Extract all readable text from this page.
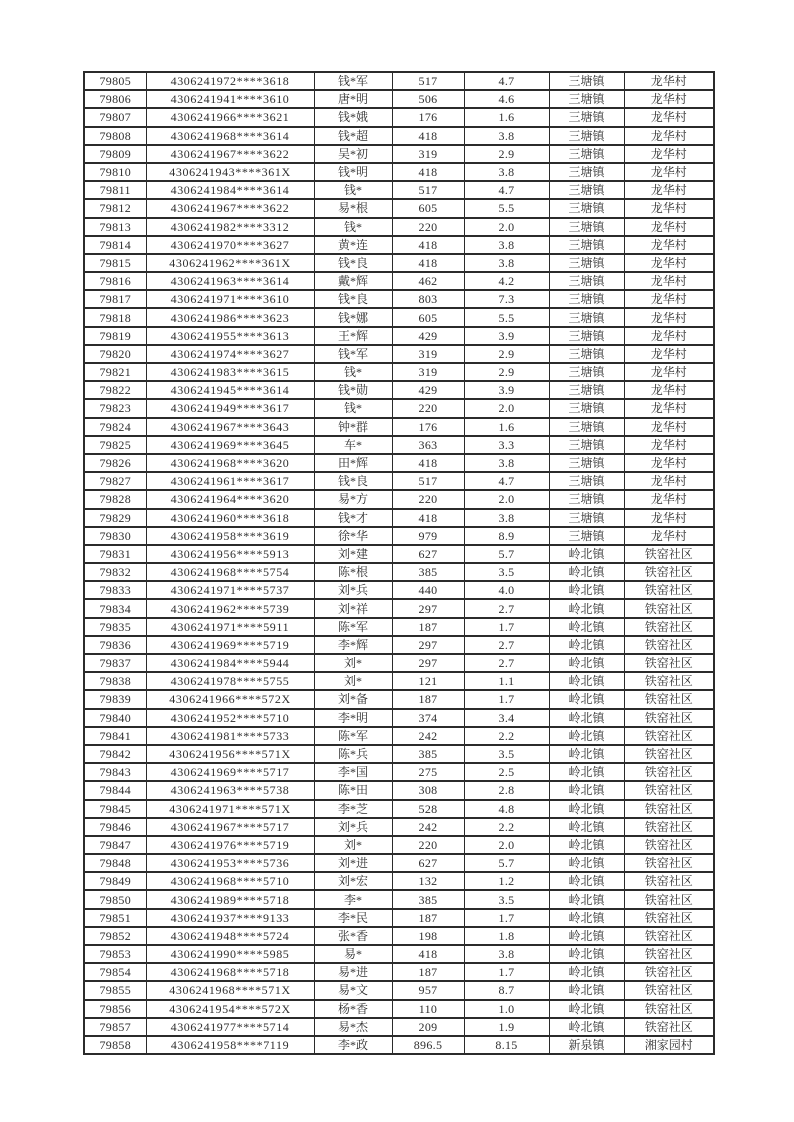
79805	4306241972****3618	钱*军	517	4.7	三塘镇	龙华村
79806	4306241941****3610	唐*明	506	4.6	三塘镇	龙华村
79807	4306241966****3621	钱*娥	176	1.6	三塘镇	龙华村
79808	4306241968****3614	钱*超	418	3.8	三塘镇	龙华村
79809	4306241967****3622	吴*初	319	2.9	三塘镇	龙华村
79810	4306241943****361X	钱*明	418	3.8	三塘镇	龙华村
79811	4306241984****3614	钱*	517	4.7	三塘镇	龙华村
79812	4306241967****3622	易*根	605	5.5	三塘镇	龙华村
79813	4306241982****3312	钱*	220	2.0	三塘镇	龙华村
79814	4306241970****3627	黄*连	418	3.8	三塘镇	龙华村
79815	4306241962****361X	钱*良	418	3.8	三塘镇	龙华村
79816	4306241963****3614	戴*辉	462	4.2	三塘镇	龙华村
79817	4306241971****3610	钱*良	803	7.3	三塘镇	龙华村
79818	4306241986****3623	钱*娜	605	5.5	三塘镇	龙华村
79819	4306241955****3613	王*辉	429	3.9	三塘镇	龙华村
79820	4306241974****3627	钱*军	319	2.9	三塘镇	龙华村
79821	4306241983****3615	钱*	319	2.9	三塘镇	龙华村
79822	4306241945****3614	钱*勋	429	3.9	三塘镇	龙华村
79823	4306241949****3617	钱*	220	2.0	三塘镇	龙华村
79824	4306241967****3643	钟*群	176	1.6	三塘镇	龙华村
79825	4306241969****3645	车*	363	3.3	三塘镇	龙华村
79826	4306241968****3620	田*辉	418	3.8	三塘镇	龙华村
79827	4306241961****3617	钱*良	517	4.7	三塘镇	龙华村
79828	4306241964****3620	易*方	220	2.0	三塘镇	龙华村
79829	4306241960****3618	钱*才	418	3.8	三塘镇	龙华村
79830	4306241958****3619	徐*华	979	8.9	三塘镇	龙华村
79831	4306241956****5913	刘*建	627	5.7	岭北镇	铁窑社区
79832	4306241968****5754	陈*根	385	3.5	岭北镇	铁窑社区
79833	4306241971****5737	刘*兵	440	4.0	岭北镇	铁窑社区
79834	4306241962****5739	刘*祥	297	2.7	岭北镇	铁窑社区
79835	4306241971****5911	陈*军	187	1.7	岭北镇	铁窑社区
79836	4306241969****5719	李*辉	297	2.7	岭北镇	铁窑社区
79837	4306241984****5944	刘*	297	2.7	岭北镇	铁窑社区
79838	4306241978****5755	刘*	121	1.1	岭北镇	铁窑社区
79839	4306241966****572X	刘*备	187	1.7	岭北镇	铁窑社区
79840	4306241952****5710	李*明	374	3.4	岭北镇	铁窑社区
79841	4306241981****5733	陈*军	242	2.2	岭北镇	铁窑社区
79842	4306241956****571X	陈*兵	385	3.5	岭北镇	铁窑社区
79843	4306241969****5717	李*国	275	2.5	岭北镇	铁窑社区
79844	4306241963****5738	陈*田	308	2.8	岭北镇	铁窑社区
79845	4306241971****571X	李*芝	528	4.8	岭北镇	铁窑社区
79846	4306241967****5717	刘*兵	242	2.2	岭北镇	铁窑社区
79847	4306241976****5719	刘*	220	2.0	岭北镇	铁窑社区
79848	4306241953****5736	刘*进	627	5.7	岭北镇	铁窑社区
79849	4306241968****5710	刘*宏	132	1.2	岭北镇	铁窑社区
79850	4306241989****5718	李*	385	3.5	岭北镇	铁窑社区
79851	4306241937****9133	李*民	187	1.7	岭北镇	铁窑社区
79852	4306241948****5724	张*香	198	1.8	岭北镇	铁窑社区
79853	4306241990****5985	易*	418	3.8	岭北镇	铁窑社区
79854	4306241968****5718	易*进	187	1.7	岭北镇	铁窑社区
79855	4306241968****571X	易*文	957	8.7	岭北镇	铁窑社区
79856	4306241954****572X	杨*香	110	1.0	岭北镇	铁窑社区
79857	4306241977****5714	易*杰	209	1.9	岭北镇	铁窑社区
79858	4306241958****7119	李*政	896.5	8.15	新泉镇	湘家园村
